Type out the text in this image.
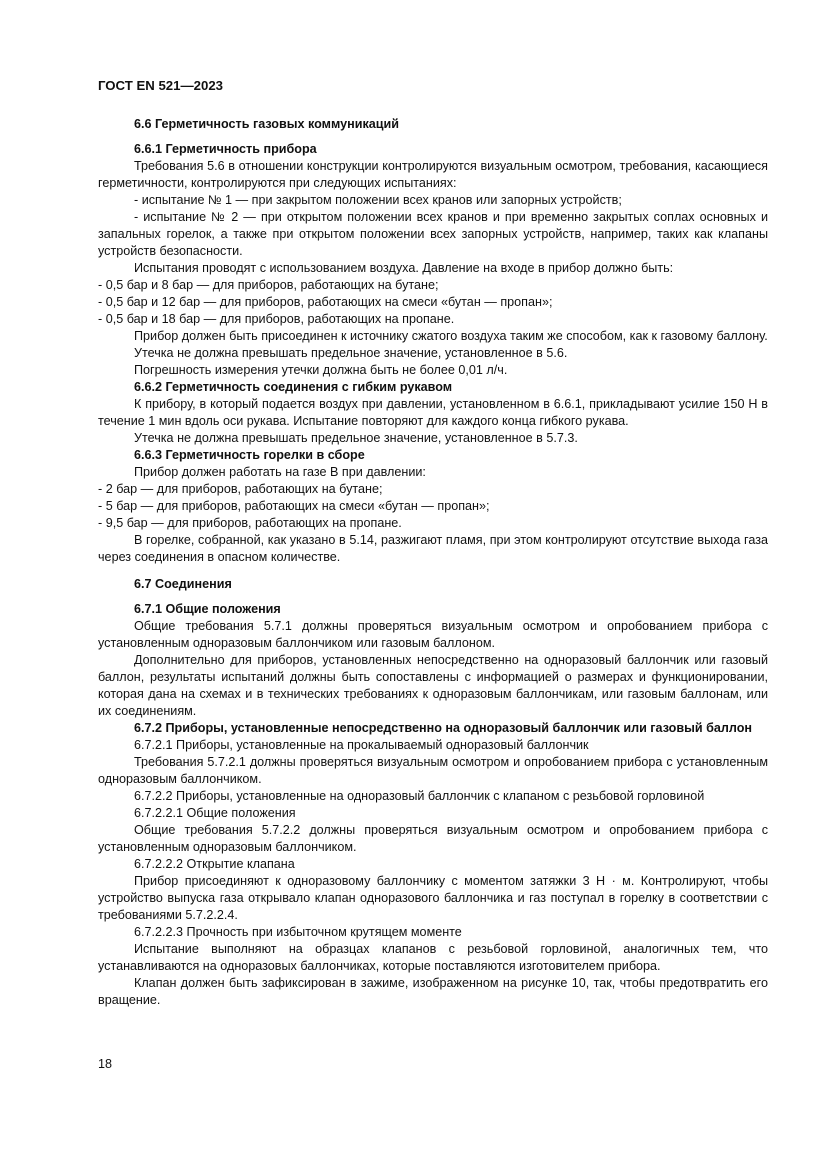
ГОСТ EN 521—2023

6.6 Герметичность газовых коммуникаций

6.6.1 Герметичность прибора

Требования 5.6 в отношении конструкции контролируются визуальным осмотром, требования, касающиеся герметичности, контролируются при следующих испытаниях:

- испытание № 1 — при закрытом положении всех кранов или запорных устройств;

- испытание № 2 — при открытом положении всех кранов и при временно закрытых соплах основных и запальных горелок, а также при открытом положении всех запорных устройств, например, таких как клапаны устройств безопасности.

Испытания проводят с использованием воздуха. Давление на входе в прибор должно быть:

- 0,5 бар и 8 бар — для приборов, работающих на бутане;

- 0,5 бар и 12 бар — для приборов, работающих на смеси «бутан — пропан»;

- 0,5 бар и 18 бар — для приборов, работающих на пропане.

Прибор должен быть присоединен к источнику сжатого воздуха таким же способом, как к газовому баллону.

Утечка не должна превышать предельное значение, установленное в 5.6.

Погрешность измерения утечки должна быть не более 0,01 л/ч.

6.6.2 Герметичность соединения с гибким рукавом

К прибору, в который подается воздух при давлении, установленном в 6.6.1, прикладывают усилие 150 Н в течение 1 мин вдоль оси рукава. Испытание повторяют для каждого конца гибкого рукава.

Утечка не должна превышать предельное значение, установленное в 5.7.3.

6.6.3 Герметичность горелки в сборе

Прибор должен работать на газе В при давлении:

- 2 бар — для приборов, работающих на бутане;

- 5 бар — для приборов, работающих на смеси «бутан — пропан»;

- 9,5 бар — для приборов, работающих на пропане.

В горелке, собранной, как указано в 5.14, разжигают пламя, при этом контролируют отсутствие выхода газа через соединения в опасном количестве.

6.7 Соединения

6.7.1 Общие положения

Общие требования 5.7.1 должны проверяться визуальным осмотром и опробованием прибора с установленным одноразовым баллончиком или газовым баллоном.

Дополнительно для приборов, установленных непосредственно на одноразовый баллончик или газовый баллон, результаты испытаний должны быть сопоставлены с информацией о размерах и функционировании, которая дана на схемах и в технических требованиях к одноразовым баллончикам, или газовым баллонам, или их соединениям.

6.7.2 Приборы, установленные непосредственно на одноразовый баллончик или газовый баллон

6.7.2.1 Приборы, установленные на прокалываемый одноразовый баллончик

Требования 5.7.2.1 должны проверяться визуальным осмотром и опробованием прибора с установленным одноразовым баллончиком.

6.7.2.2 Приборы, установленные на одноразовый баллончик с клапаном с резьбовой горловиной

6.7.2.2.1 Общие положения

Общие требования 5.7.2.2 должны проверяться визуальным осмотром и опробованием прибора с установленным одноразовым баллончиком.

6.7.2.2.2 Открытие клапана

Прибор присоединяют к одноразовому баллончику с моментом затяжки 3 Н · м. Контролируют, чтобы устройство выпуска газа открывало клапан одноразового баллончика и газ поступал в горелку в соответствии с требованиями 5.7.2.2.4.

6.7.2.2.3 Прочность при избыточном крутящем моменте

Испытание выполняют на образцах клапанов с резьбовой горловиной, аналогичных тем, что устанавливаются на одноразовых баллончиках, которые поставляются изготовителем прибора.

Клапан должен быть зафиксирован в зажиме, изображенном на рисунке 10, так, чтобы предотвратить его вращение.

18
